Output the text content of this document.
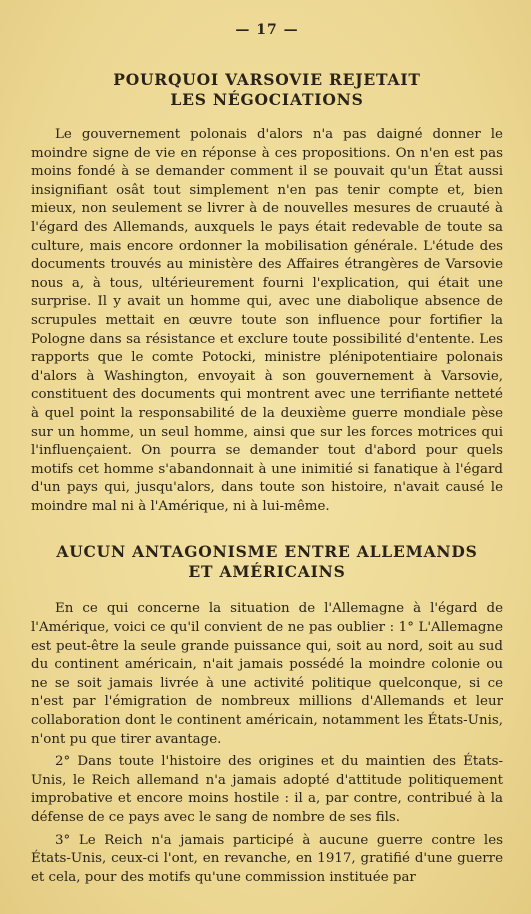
— 17 —
POURQUOI VARSOVIE REJETAIT
LES NÉGOCIATIONS

Le gouvernement polonais d'alors n'a pas daigné donner le moindre signe de vie en réponse à ces propositions. On n'en est pas moins fondé à se demander comment il se pouvait qu'un État aussi insignifiant osât tout simplement n'en pas tenir compte et, bien mieux, non seulement se livrer à de nouvelles mesures de cruauté à l'égard des Allemands, auxquels le pays était redevable de toute sa culture, mais encore ordonner la mobilisation générale. L'étude des documents trouvés au ministère des Affaires étrangères de Varsovie nous a, à tous, ultérieurement fourni l'explication, qui était une surprise. Il y avait un homme qui, avec une diabolique absence de scrupules mettait en œuvre toute son influence pour fortifier la Pologne dans sa résistance et exclure toute possibilité d'entente. Les rapports que le comte Potocki, ministre plénipotentiaire polonais d'alors à Washington, envoyait à son gouvernement à Varsovie, constituent des documents qui montrent avec une terrifiante netteté à quel point la responsabilité de la deuxième guerre mondiale pèse sur un homme, un seul homme, ainsi que sur les forces motrices qui l'influençaient. On pourra se demander tout d'abord pour quels motifs cet homme s'abandonnait à une inimitié si fanatique à l'égard d'un pays qui, jusqu'alors, dans toute son histoire, n'avait causé le moindre mal ni à l'Amérique, ni à lui-même.

AUCUN ANTAGONISME ENTRE ALLEMANDS
ET AMÉRICAINS

En ce qui concerne la situation de l'Allemagne à l'égard de l'Amérique, voici ce qu'il convient de ne pas oublier : 1° L'Allemagne est peut-être la seule grande puissance qui, soit au nord, soit au sud du continent américain, n'ait jamais possédé la moindre colonie ou ne se soit jamais livrée à une activité politique quelconque, si ce n'est par l'émigration de nombreux millions d'Allemands et leur collaboration dont le continent américain, notamment les États-Unis, n'ont pu que tirer avantage.

2° Dans toute l'histoire des origines et du maintien des États-Unis, le Reich allemand n'a jamais adopté d'attitude politiquement improbative et encore moins hostile : il a, par contre, contribué à la défense de ce pays avec le sang de nombre de ses fils.

3° Le Reich n'a jamais participé à aucune guerre contre les États-Unis, ceux-ci l'ont, en revanche, en 1917, gratifié d'une guerre et cela, pour des motifs qu'une commission instituée par
